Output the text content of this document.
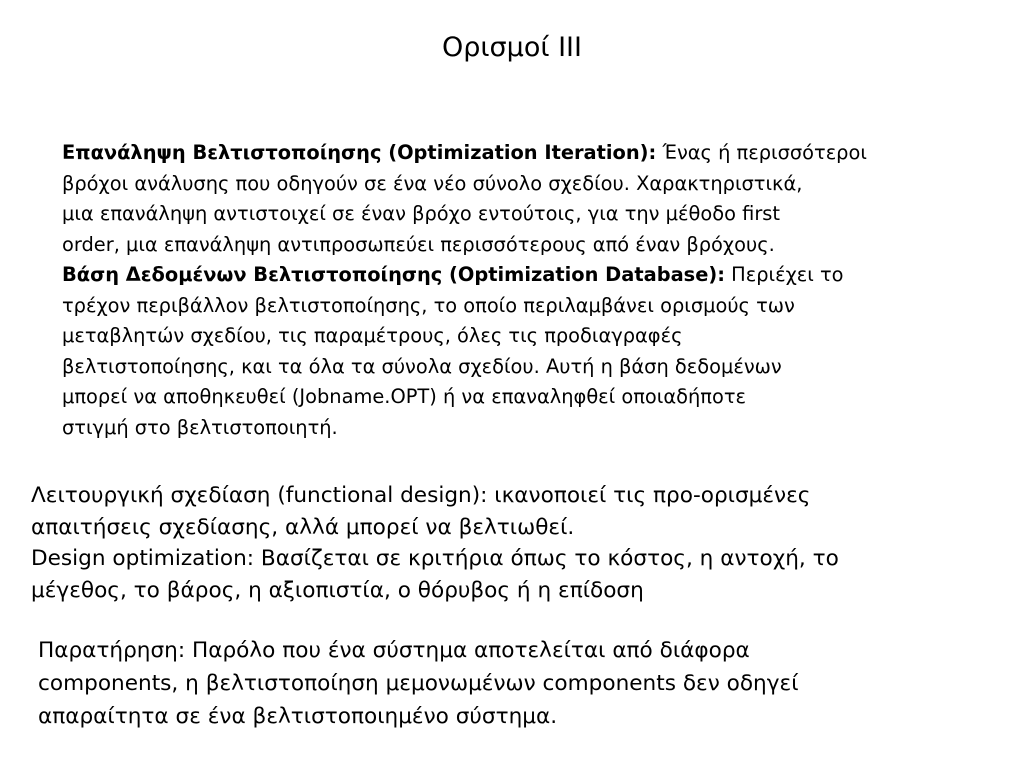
Ορισμοί ΙΙΙ
Επανάληψη Βελτιστοποίησης (Optimization Iteration): Ένας ή περισσότεροι
βρόχοι ανάλυσης που οδηγούν σε ένα νέο σύνολο σχεδίου. Χαρακτηριστικά,
μια επανάληψη αντιστοιχεί σε έναν βρόχο εντούτοις, για την μέθοδο first
order, μια επανάληψη αντιπροσωπεύει περισσότερους από έναν βρόχους.
Βάση Δεδομένων Βελτιστοποίησης (Optimization Database): Περιέχει το
τρέχον περιβάλλον βελτιστοποίησης, το οποίο περιλαμβάνει ορισμούς των
μεταβλητών σχεδίου, τις παραμέτρους, όλες τις προδιαγραφές
βελτιστοποίησης, και τα όλα τα σύνολα σχεδίου. Αυτή η βάση δεδομένων
μπορεί να αποθηκευθεί (Jobname.OPT) ή να επαναληφθεί οποιαδήποτε
στιγμή στο βελτιστοποιητή.
Λειτουργική σχεδίαση (functional design): ικανοποιεί τις προ-ορισμένες
απαιτήσεις σχεδίασης, αλλά μπορεί να βελτιωθεί.
Design optimization: Βασίζεται σε κριτήρια όπως το κόστος, η αντοχή, το
μέγεθος, το βάρος, η αξιοπιστία, ο θόρυβος ή η επίδοση
Παρατήρηση: Παρόλο που ένα σύστημα αποτελείται από διάφορα
components, η βελτιστοποίηση μεμονωμένων components δεν οδηγεί
απαραίτητα σε ένα βελτιστοποιημένο σύστημα.
